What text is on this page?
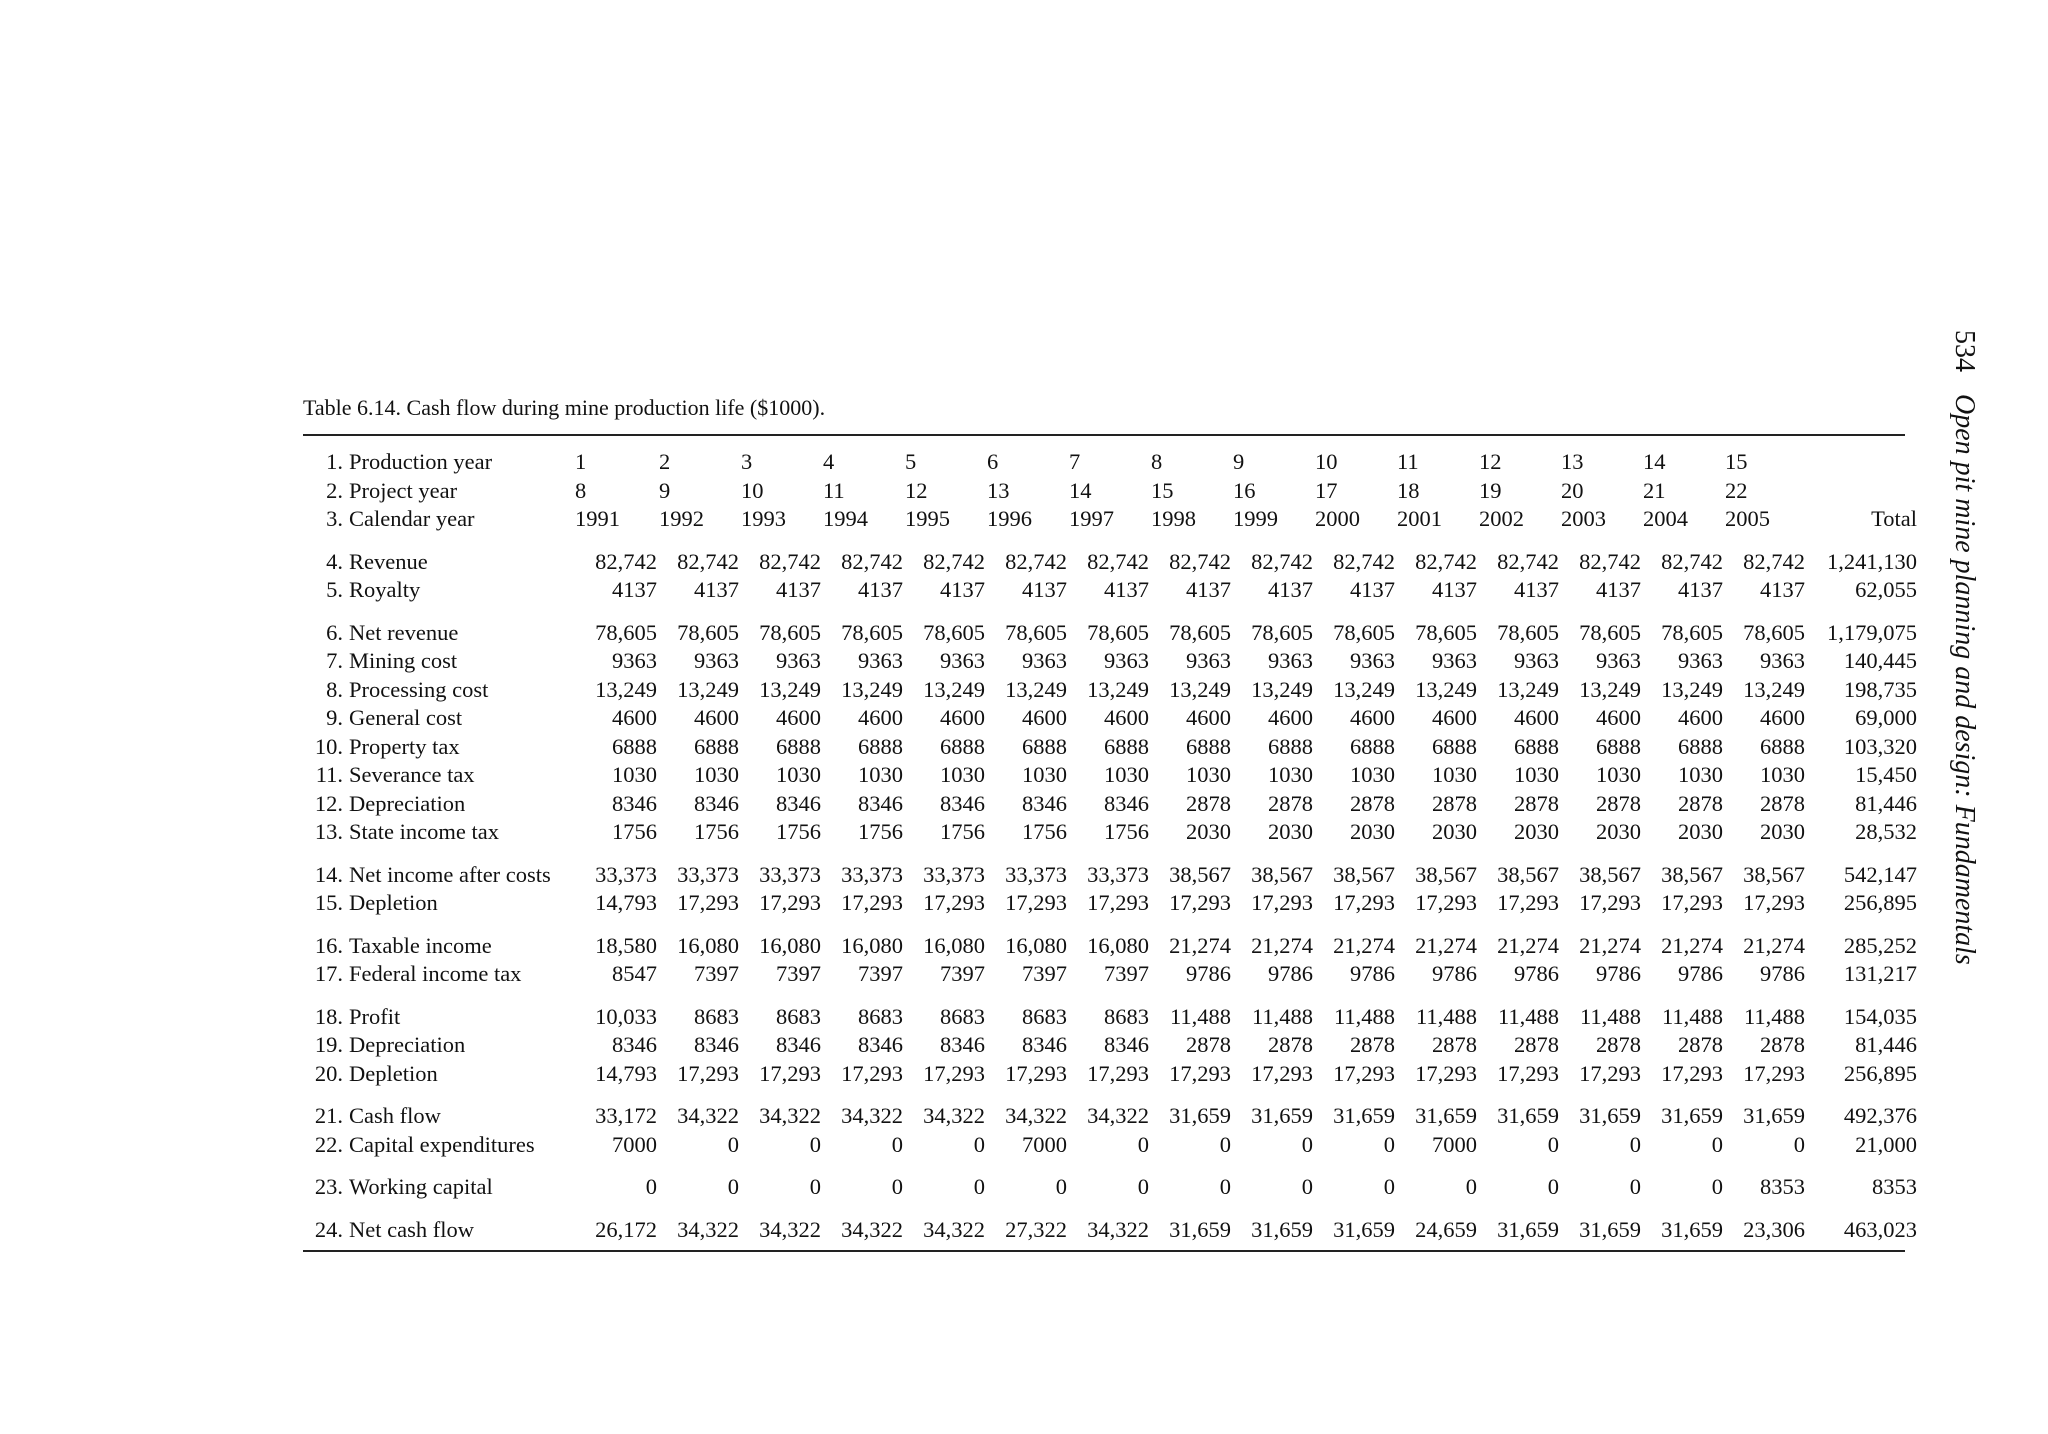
Table 6.14. Cash flow during mine production life ($1000).
1. Production year	1	2	3	4	5	6	7	8	9	10	11	12	13	14	15	
2. Project year	8	9	10	11	12	13	14	15	16	17	18	19	20	21	22	
3. Calendar year	1991	1992	1993	1994	1995	1996	1997	1998	1999	2000	2001	2002	2003	2004	2005	Total
4. Revenue	82,742	82,742	82,742	82,742	82,742	82,742	82,742	82,742	82,742	82,742	82,742	82,742	82,742	82,742	82,742	1,241,130
5. Royalty	4137	4137	4137	4137	4137	4137	4137	4137	4137	4137	4137	4137	4137	4137	4137	62,055
6. Net revenue	78,605	78,605	78,605	78,605	78,605	78,605	78,605	78,605	78,605	78,605	78,605	78,605	78,605	78,605	78,605	1,179,075
7. Mining cost	9363	9363	9363	9363	9363	9363	9363	9363	9363	9363	9363	9363	9363	9363	9363	140,445
8. Processing cost	13,249	13,249	13,249	13,249	13,249	13,249	13,249	13,249	13,249	13,249	13,249	13,249	13,249	13,249	13,249	198,735
9. General cost	4600	4600	4600	4600	4600	4600	4600	4600	4600	4600	4600	4600	4600	4600	4600	69,000
10. Property tax	6888	6888	6888	6888	6888	6888	6888	6888	6888	6888	6888	6888	6888	6888	6888	103,320
11. Severance tax	1030	1030	1030	1030	1030	1030	1030	1030	1030	1030	1030	1030	1030	1030	1030	15,450
12. Depreciation	8346	8346	8346	8346	8346	8346	8346	2878	2878	2878	2878	2878	2878	2878	2878	81,446
13. State income tax	1756	1756	1756	1756	1756	1756	1756	2030	2030	2030	2030	2030	2030	2030	2030	28,532
14. Net income after costs	33,373	33,373	33,373	33,373	33,373	33,373	33,373	38,567	38,567	38,567	38,567	38,567	38,567	38,567	38,567	542,147
15. Depletion	14,793	17,293	17,293	17,293	17,293	17,293	17,293	17,293	17,293	17,293	17,293	17,293	17,293	17,293	17,293	256,895
16. Taxable income	18,580	16,080	16,080	16,080	16,080	16,080	16,080	21,274	21,274	21,274	21,274	21,274	21,274	21,274	21,274	285,252
17. Federal income tax	8547	7397	7397	7397	7397	7397	7397	9786	9786	9786	9786	9786	9786	9786	9786	131,217
18. Profit	10,033	8683	8683	8683	8683	8683	8683	11,488	11,488	11,488	11,488	11,488	11,488	11,488	11,488	154,035
19. Depreciation	8346	8346	8346	8346	8346	8346	8346	2878	2878	2878	2878	2878	2878	2878	2878	81,446
20. Depletion	14,793	17,293	17,293	17,293	17,293	17,293	17,293	17,293	17,293	17,293	17,293	17,293	17,293	17,293	17,293	256,895
21. Cash flow	33,172	34,322	34,322	34,322	34,322	34,322	34,322	31,659	31,659	31,659	31,659	31,659	31,659	31,659	31,659	492,376
22. Capital expenditures	7000	0	0	0	0	7000	0	0	0	0	7000	0	0	0	0	21,000
23. Working capital	0	0	0	0	0	0	0	0	0	0	0	0	0	0	8353	8353
24. Net cash flow	26,172	34,322	34,322	34,322	34,322	27,322	34,322	31,659	31,659	31,659	24,659	31,659	31,659	31,659	23,306	463,023
534Open pit mine planning and design: Fundamentals
